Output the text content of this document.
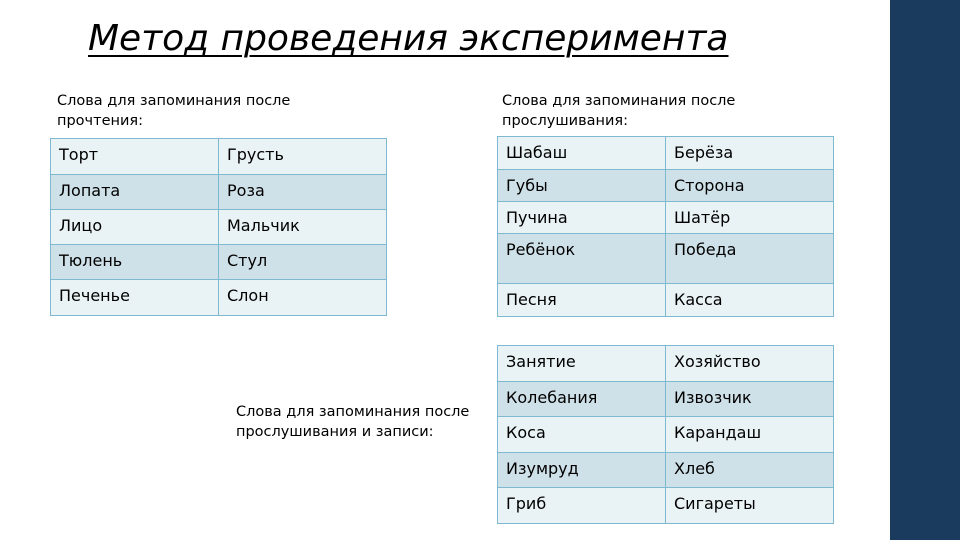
Метод проведения эксперимента
Слова для запоминания после
прочтения:
Слова для запоминания после
прослушивания:
Слова для запоминания после
прослушивания и записи:
Торт	Грусть
Лопата	Роза
Лицо	Мальчик
Тюлень	Стул
Печенье	Слон
Шабаш	Берёза
Губы	Сторона
Пучина	Шатёр
Ребёнок	Победа
Песня	Касса
Занятие	Хозяйство
Колебания	Извозчик
Коса	Карандаш
Изумруд	Хлеб
Гриб	Сигареты
